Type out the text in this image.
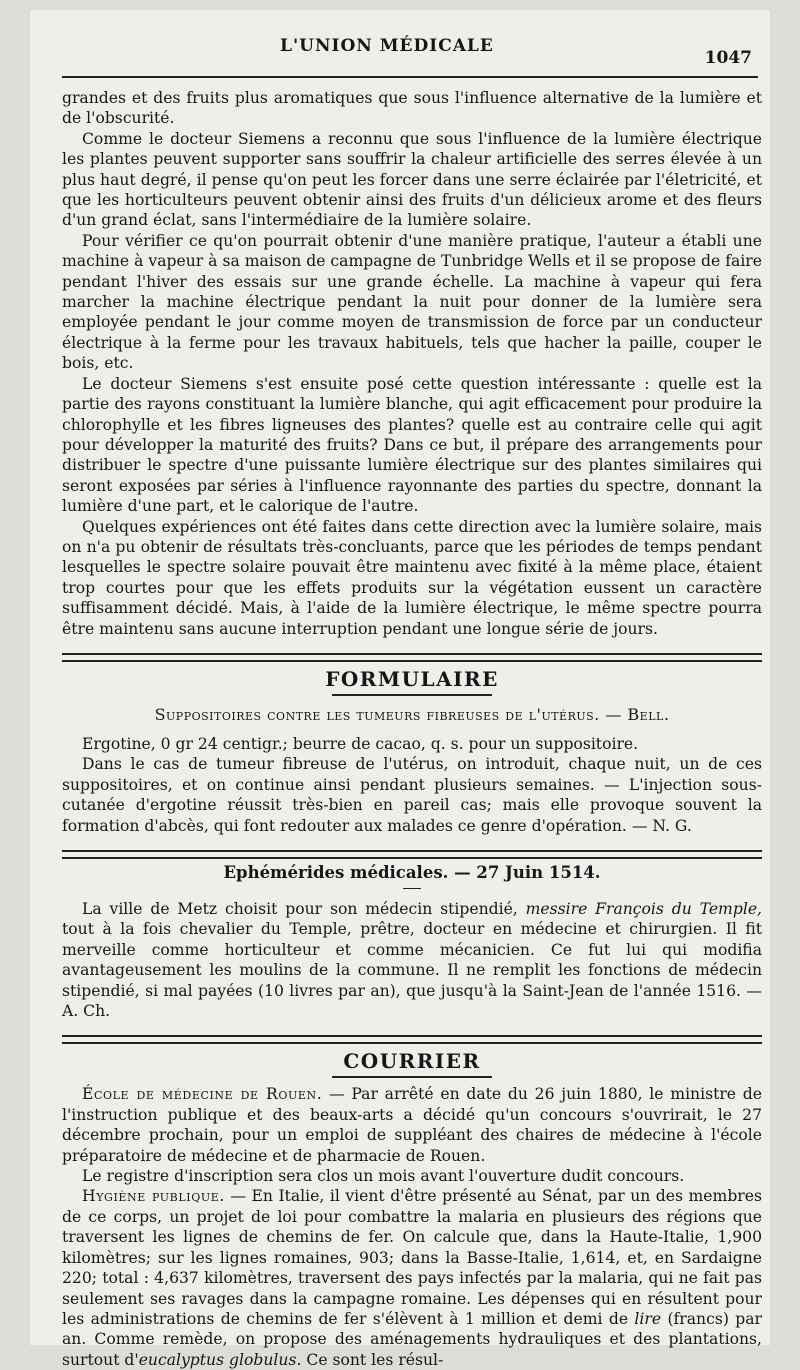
L'UNION MÉDICALE
1047

grandes et des fruits plus aromatiques que sous l'influence alternative de la lumière et de l'obscurité.

Comme le docteur Siemens a reconnu que sous l'influence de la lumière électrique les plantes peuvent supporter sans souffrir la chaleur artificielle des serres élevée à un plus haut degré, il pense qu'on peut les forcer dans une serre éclairée par l'életricité, et que les horticulteurs peuvent obtenir ainsi des fruits d'un délicieux arome et des fleurs d'un grand éclat, sans l'intermédiaire de la lumière solaire.

Pour vérifier ce qu'on pourrait obtenir d'une manière pratique, l'auteur a établi une machine à vapeur à sa maison de campagne de Tunbridge Wells et il se propose de faire pendant l'hiver des essais sur une grande échelle. La machine à vapeur qui fera marcher la machine électrique pendant la nuit pour donner de la lumière sera employée pendant le jour comme moyen de transmission de force par un conducteur électrique à la ferme pour les travaux habituels, tels que hacher la paille, couper le bois, etc.

Le docteur Siemens s'est ensuite posé cette question intéressante : quelle est la partie des rayons constituant la lumière blanche, qui agit efficacement pour produire la chlorophylle et les fibres ligneuses des plantes? quelle est au contraire celle qui agit pour développer la maturité des fruits? Dans ce but, il prépare des arrangements pour distribuer le spectre d'une puissante lumière électrique sur des plantes similaires qui seront exposées par séries à l'influence rayonnante des parties du spectre, donnant la lumière d'une part, et le calorique de l'autre.

Quelques expériences ont été faites dans cette direction avec la lumière solaire, mais on n'a pu obtenir de résultats très-concluants, parce que les périodes de temps pendant lesquelles le spectre solaire pouvait être maintenu avec fixité à la même place, étaient trop courtes pour que les effets produits sur la végétation eussent un caractère suffisamment décidé. Mais, à l'aide de la lumière électrique, le même spectre pourra être maintenu sans aucune interruption pendant une longue série de jours.

FORMULAIRE
Suppositoires contre les tumeurs fibreuses de l'utérus. — Bell.

Ergotine, 0 gr 24 centigr.; beurre de cacao, q. s. pour un suppositoire.

Dans le cas de tumeur fibreuse de l'utérus, on introduit, chaque nuit, un de ces suppositoires, et on continue ainsi pendant plusieurs semaines. — L'injection sous-cutanée d'ergotine réussit très-bien en pareil cas; mais elle provoque souvent la formation d'abcès, qui font redouter aux malades ce genre d'opération. — N. G.

Ephémérides médicales. — 27 Juin 1514.

La ville de Metz choisit pour son médecin stipendié, messire François du Temple, tout à la fois chevalier du Temple, prêtre, docteur en médecine et chirurgien. Il fit merveille comme horticulteur et comme mécanicien. Ce fut lui qui modifia avantageusement les moulins de la commune. Il ne remplit les fonctions de médecin stipendié, si mal payées (10 livres par an), que jusqu'à la Saint-Jean de l'année 1516. — A. Ch.

COURRIER

École de médecine de Rouen. — Par arrêté en date du 26 juin 1880, le ministre de l'instruction publique et des beaux-arts a décidé qu'un concours s'ouvrirait, le 27 décembre prochain, pour un emploi de suppléant des chaires de médecine à l'école préparatoire de médecine et de pharmacie de Rouen.

Le registre d'inscription sera clos un mois avant l'ouverture dudit concours.

Hygiène publique. — En Italie, il vient d'être présenté au Sénat, par un des membres de ce corps, un projet de loi pour combattre la malaria en plusieurs des régions que traversent les lignes de chemins de fer. On calcule que, dans la Haute-Italie, 1,900 kilomètres; sur les lignes romaines, 903; dans la Basse-Italie, 1,614, et, en Sardaigne 220; total : 4,637 kilomètres, traversent des pays infectés par la malaria, qui ne fait pas seulement ses ravages dans la campagne romaine. Les dépenses qui en résultent pour les administrations de chemins de fer s'élèvent à 1 million et demi de lire (francs) par an. Comme remède, on propose des aménagements hydrauliques et des plantations, surtout d'eucalyptus globulus. Ce sont les résul-
